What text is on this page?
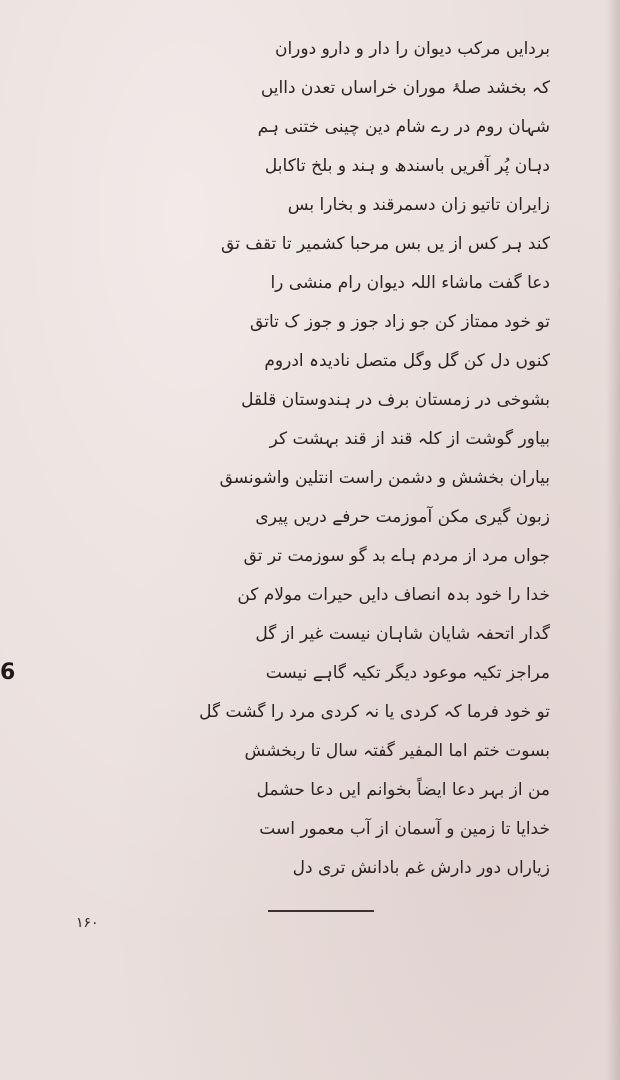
6
بردایں مرکب دیوان را دار و دارو دوران
کہ بخشد صلۂ موران خراساں تعدن داایں
شہان روم در رے شام دین چینی ختنی ہم
دہان پُر آفریں باسندھ و ہند و بلخ تاکابل
زایران تاتیو زان دسمرقند و بخارا بس
کند ہر کس از یں بس مرحبا کشمیر تا تقف تق
دعا گفت ماشاء اللہ دیوان رام منشی را
تو خود ممتاز کن جو زاد جوز و جوز ک تاتق
کنوں دل کن گل وگل متصل نادیدہ ادروم
بشوخی در زمستان برف در ہندوستان قلقل
بیاور گوشت از کلہ قند از قند بہشت کر
بیاران بخشش و دشمن راست انتلین واشونسق
زبون گیری مکن آموزمت حرفے دریں پیری
جواں مرد از مردم ہاے بد گو سوزمت تر تق
خدا را خود بدہ انصاف دایں حیرات مولام کن
گدار اتحفہ شایان شاہان نیست غیر از گل
مراجز تکیہ موعود دیگر تکیہ گاہے نیست
تو خود فرما کہ کردی یا نہ کردی مرد را گشت گل
بسوت ختم اما المفیر گفتہ سال تا ربخشش
من از بہر دعا ایضاً بخوانم ایں دعا حشمل
خدایا تا زمین و آسمان از آب معمور است
زیاراں دور دارش غم بادانش تری دل
۱۶۰
